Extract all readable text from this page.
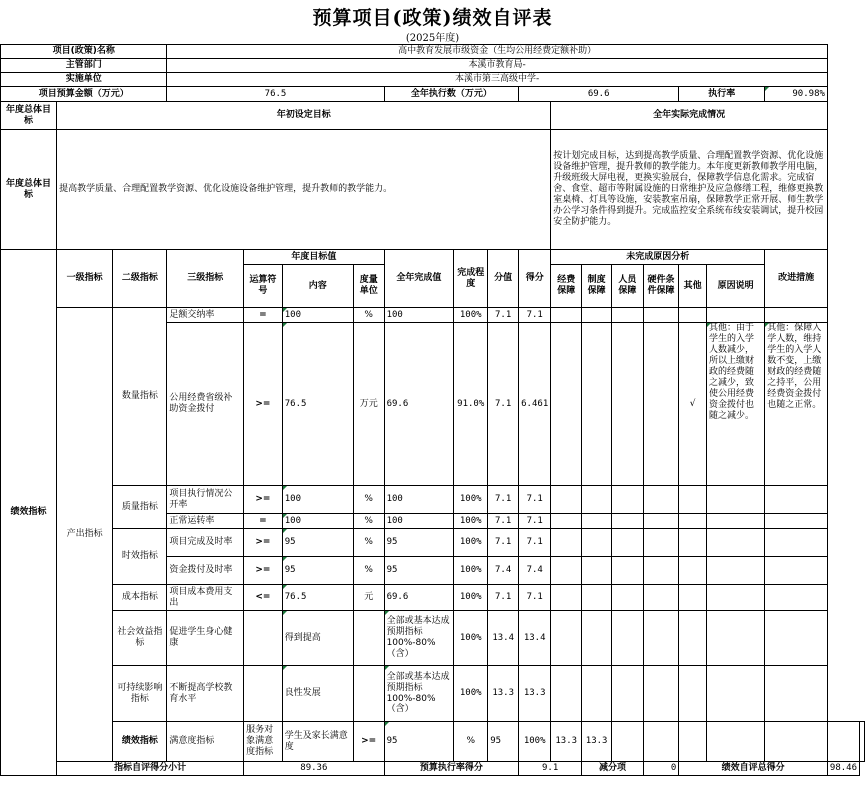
预算项目(政策)绩效自评表
(2025年度)
项目(政策)名称			高中教育发展市级资金（生均公用经费定额补助）																
主管部门			本溪市教育局-																
实施单位			本溪市第三高级中学-																
项目预算金额（万元）			76.5				全年执行数（万元）			69.6					执行率		90.98%		
年度总体目标	年初设定目标										全年实际完成情况								
年度总体目标	提高教学质量、合理配置教学资源、优化设施设备维护管理，提升教师的教学能力。										按计划完成目标，达到提高教学质量、合理配置教学资源、优化设施设备维护管理，提升教师的教学能力。本年度更新教师教学用电脑，升级班级大屏电视，更换实验展台，保障教学信息化需求。完成宿舍、食堂、超市等附属设施的日常维护及应急修缮工程，维修更换教室桌椅、灯具等设施，安装教室吊扇，保障教学正常开展、师生教学办公学习条件得到提升。完成监控安全系统布线安装调试，提升校园安全防护能力。								
绩效指标	一级指标	二级指标	三级指标	年度目标值			全年完成值	完成程度	分值	得分	未完成原因分析						改进措施		
				运算符号	内容	度量单位					经费保障	制度保障	人员保障	硬件条件保障	其他	原因说明			
	产出指标	数量指标	足额交纳率	=	100	%	100	100%	7.1	7.1									
			公用经费省级补助资金拨付	>=	76.5	万元	69.6	91.0%	7.1	6.461					√	其他：由于学生的入学人数减少，所以上缴财政的经费随之减少，致使公用经费资金拨付也随之减少。	其他：保障入学人数，维持学生的入学人数不变，上缴财政的经费随之持平，公用经费资金拨付也随之正常。		
		质量指标	项目执行情况公开率	>=	100	%	100	100%	7.1	7.1									
			正常运转率	=	100	%	100	100%	7.1	7.1									
		时效指标	项目完成及时率	>=	95	%	95	100%	7.1	7.1									
			资金拨付及时率	>=	95	%	95	100%	7.4	7.4									
		成本指标	项目成本费用支出	<=	76.5	元	69.6	100%	7.1	7.1									
		社会效益指标	促进学生身心健康		得到提高		全部或基本达成预期指标100%-80%（含）	100%	13.4	13.4									
		可持续影响指标	不断提高学校教育水平		良性发展		全部或基本达成预期指标100%-80%（含）	100%	13.3	13.3									
		绩效指标	满意度指标	服务对象满意度指标	学生及家长满意度	>=	95	%	95	100%	13.3	13.3							
	指标自评得分小计			89.36			预算执行率得分			9.1		减分项		0	绩效自评总得分			98.46	
